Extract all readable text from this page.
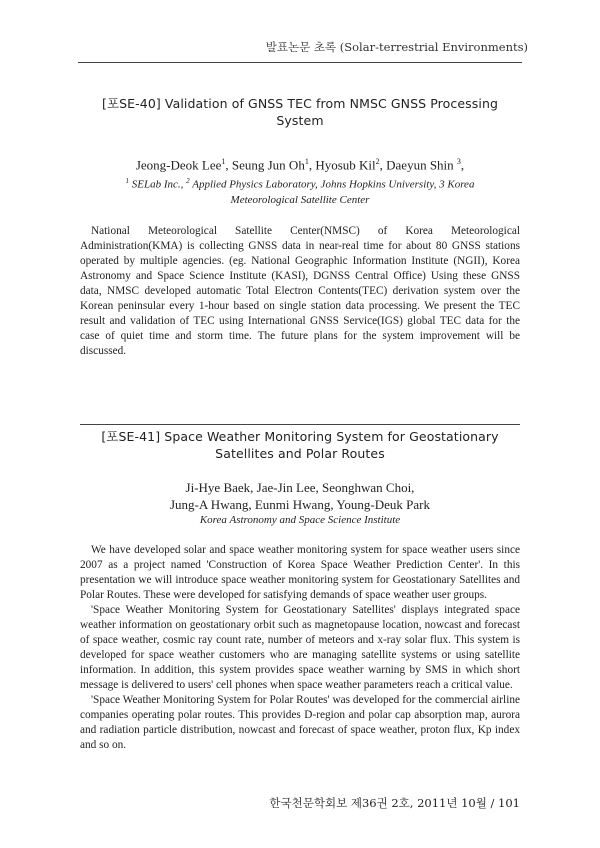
발표논문 초록 (Solar-terrestrial Environments)
[포SE-40] Validation of GNSS TEC from NMSC GNSS Processing
System
Jeong-Deok Lee$^1$, Seung Jun Oh$^1$, Hyosub Kil$^2$, Daeyun Shin $^3$,
$^1$ SELab Inc., $^2$ Applied Physics Laboratory, Johns Hopkins University, 3 Korea
Meteorological Satellite Center

National Meteorological Satellite Center(NMSC) of Korea Meteorological Administration(KMA) is collecting GNSS data in near-real time for about 80 GNSS stations operated by multiple agencies. (eg. National Geographic Information Institute (NGII), Korea Astronomy and Space Science Institute (KASI), DGNSS Central Office) Using these GNSS data, NMSC developed automatic Total Electron Contents(TEC) derivation system over the Korean peninsular every 1-hour based on single station data processing. We present the TEC result and validation of TEC using International GNSS Service(IGS) global TEC data for the case of quiet time and storm time. The future plans for the system improvement will be discussed.

[포SE-41] Space Weather Monitoring System for Geostationary
Satellites and Polar Routes
Ji-Hye Baek, Jae-Jin Lee, Seonghwan Choi,
Jung-A Hwang, Eunmi Hwang, Young-Deuk Park
Korea Astronomy and Space Science Institute

We have developed solar and space weather monitoring system for space weather users since 2007 as a project named 'Construction of Korea Space Weather Prediction Center'. In this presentation we will introduce space weather monitoring system for Geostationary Satellites and Polar Routes. These were developed for satisfying demands of space weather user groups.

'Space Weather Monitoring System for Geostationary Satellites' displays integrated space weather information on geostationary orbit such as magnetopause location, nowcast and forecast of space weather, cosmic ray count rate, number of meteors and x-ray solar flux. This system is developed for space weather customers who are managing satellite systems or using satellite information. In addition, this system provides space weather warning by SMS in which short message is delivered to users' cell phones when space weather parameters reach a critical value.

'Space Weather Monitoring System for Polar Routes' was developed for the commercial airline companies operating polar routes. This provides D-region and polar cap absorption map, aurora and radiation particle distribution, nowcast and forecast of space weather, proton flux, Kp index and so on.

한국천문학회보 제36권 2호, 2011년 10월 / 101
